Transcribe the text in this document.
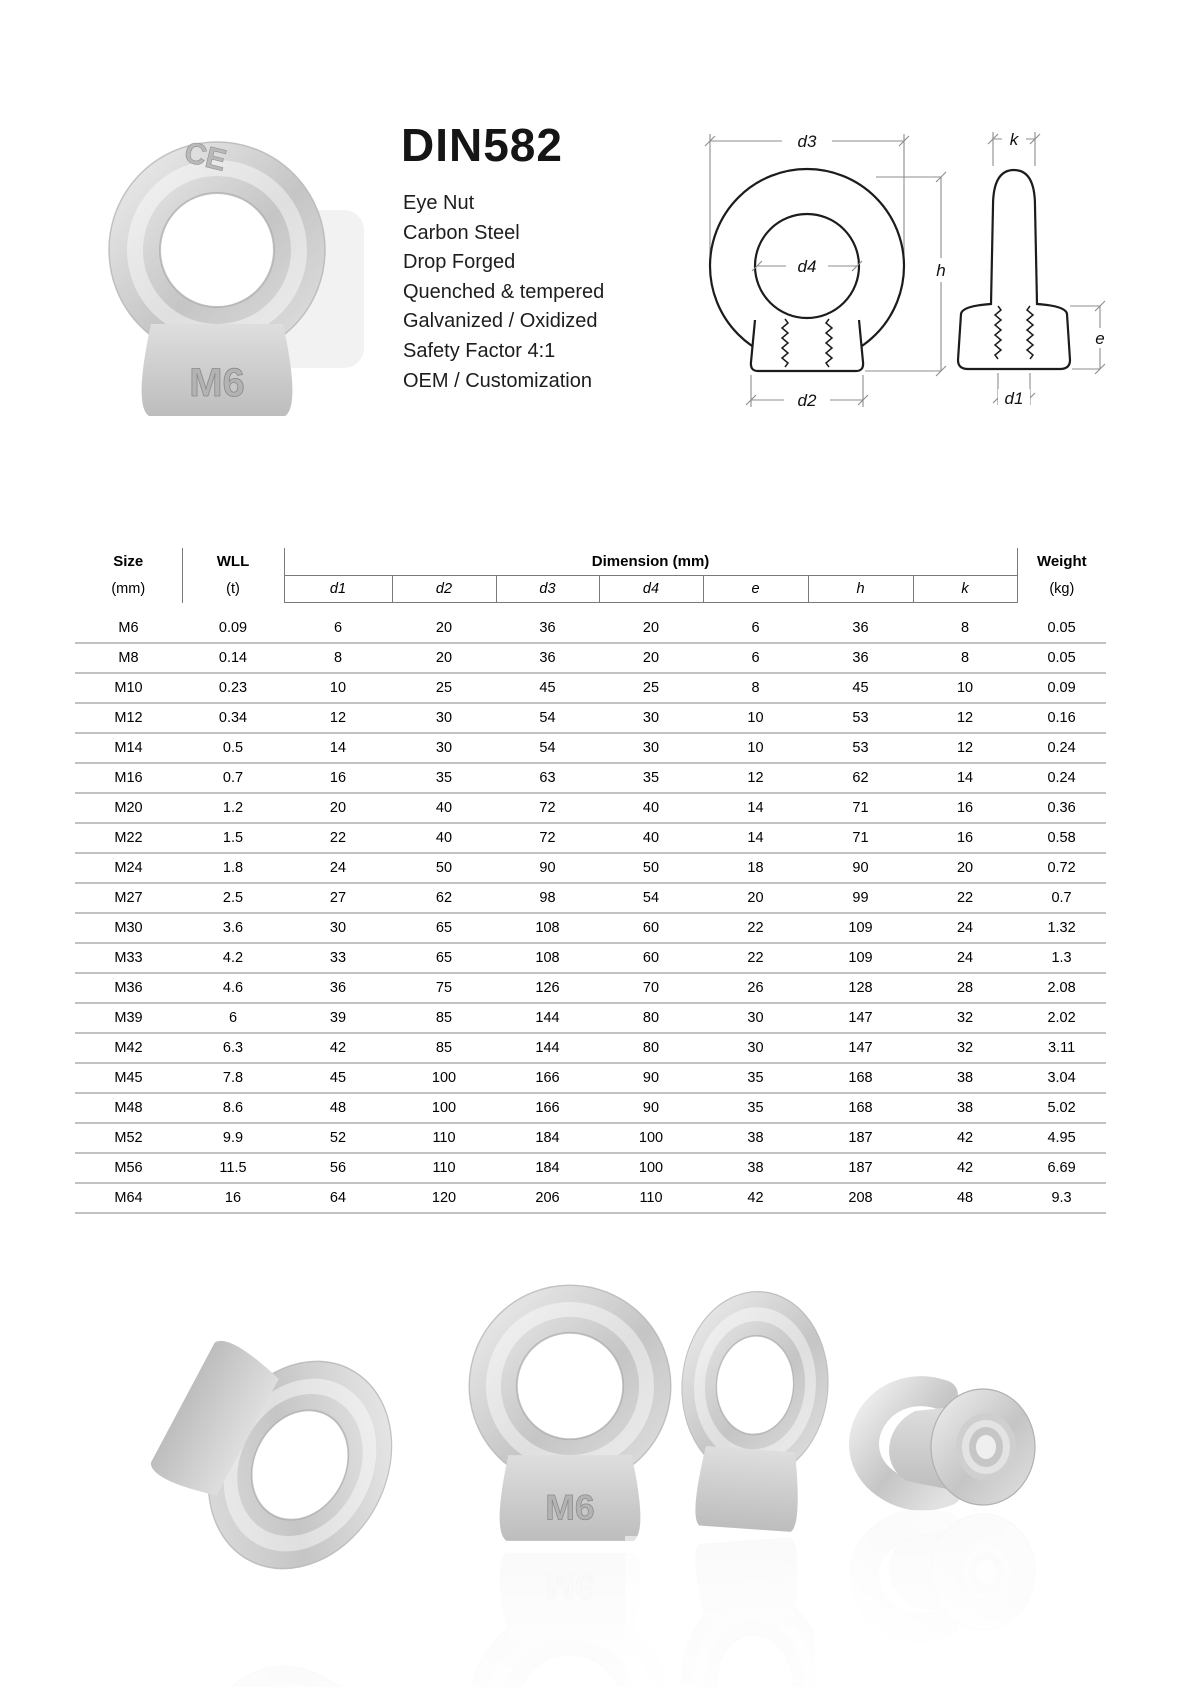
CE
M6
DIN582
Eye Nut
Carbon Steel
Drop Forged
Quenched & tempered
Galvanized / Oxidized
Safety Factor 4:1
OEM / Customization
d3
d4	h
d2
k
e
d1
Size	WLL	Dimension (mm)							Weight
(mm)	(t)	d1	d2	d3	d4	e	h	k	(kg)

M6	0.09	6	20	36	20	6	36	8	0.05
M8	0.14	8	20	36	20	6	36	8	0.05
M10	0.23	10	25	45	25	8	45	10	0.09
M12	0.34	12	30	54	30	10	53	12	0.16
M14	0.5	14	30	54	30	10	53	12	0.24
M16	0.7	16	35	63	35	12	62	14	0.24
M20	1.2	20	40	72	40	14	71	16	0.36
M22	1.5	22	40	72	40	14	71	16	0.58
M24	1.8	24	50	90	50	18	90	20	0.72
M27	2.5	27	62	98	54	20	99	22	0.7
M30	3.6	30	65	108	60	22	109	24	1.32
M33	4.2	33	65	108	60	22	109	24	1.3
M36	4.6	36	75	126	70	26	128	28	2.08
M39	6	39	85	144	80	30	147	32	2.02
M42	6.3	42	85	144	80	30	147	32	3.11
M45	7.8	45	100	166	90	35	168	38	3.04
M48	8.6	48	100	166	90	35	168	38	5.02
M52	9.9	52	110	184	100	38	187	42	4.95
M56	11.5	56	110	184	100	38	187	42	6.69
M64	16	64	120	206	110	42	208	48	9.3
M6
